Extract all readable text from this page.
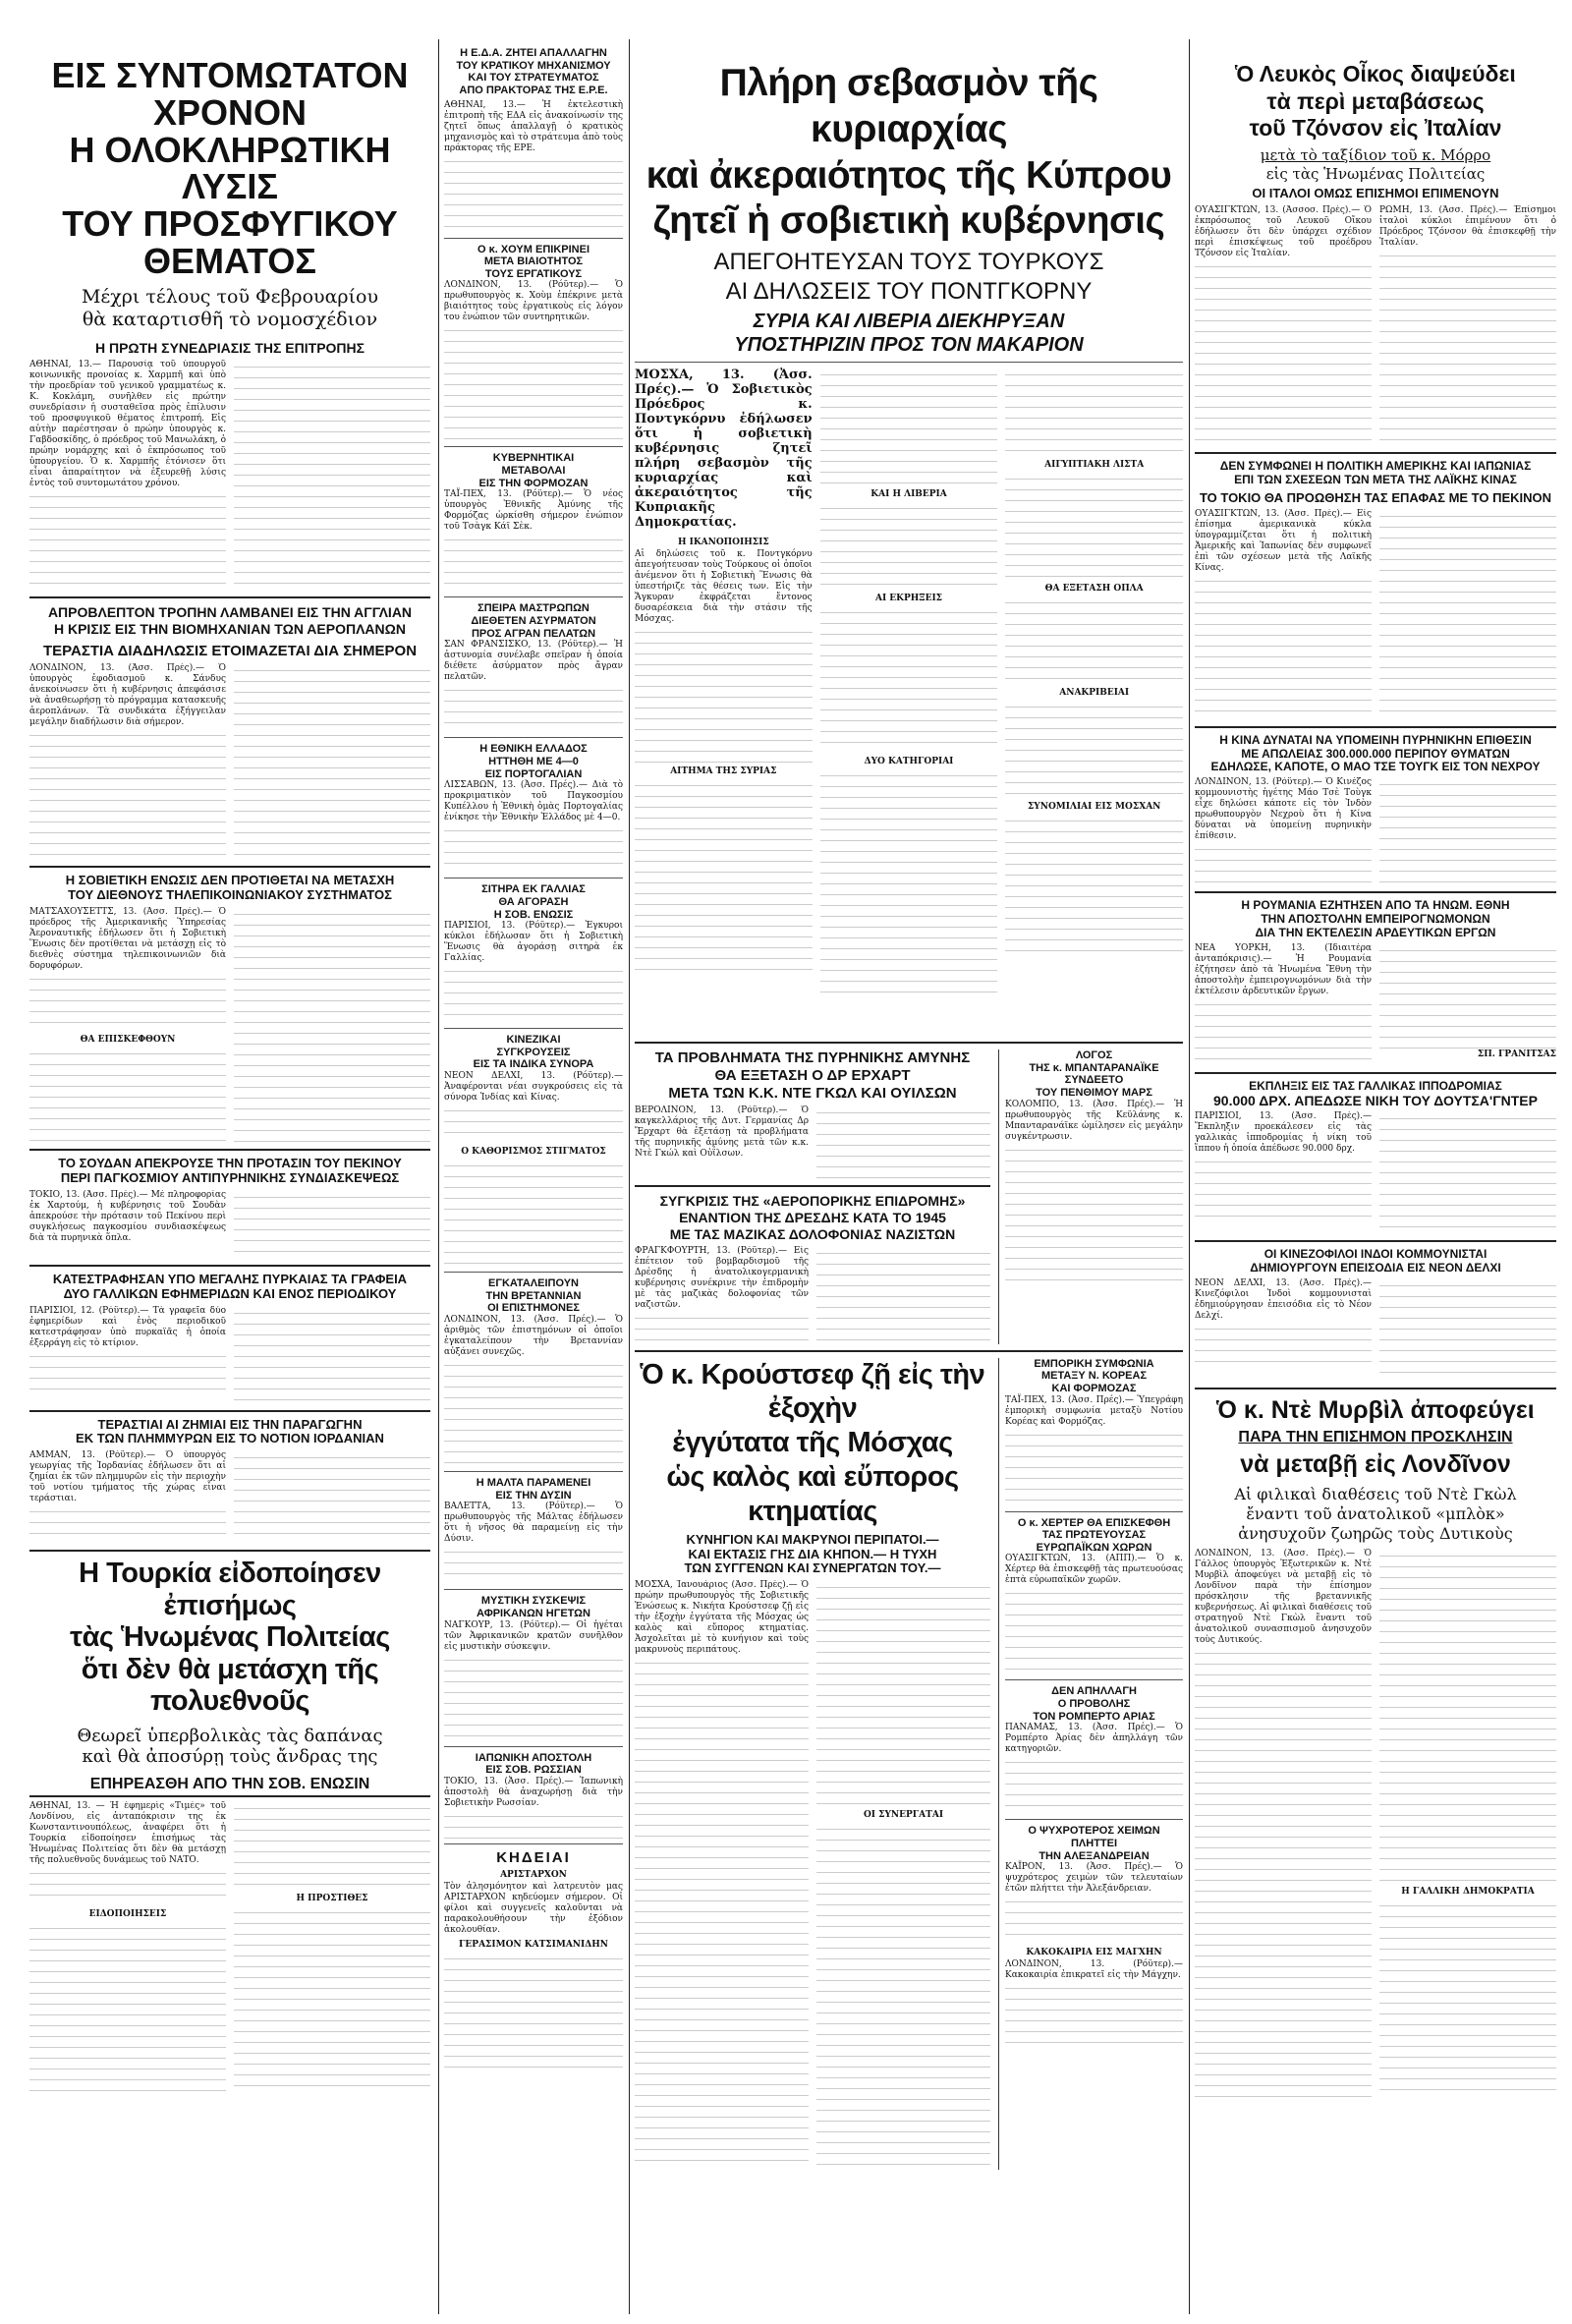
ΕΙΣ ΣΥΝΤΟΜΩΤΑΤΟΝ ΧΡΟΝΟΝ
Η ΟΛΟΚΛΗΡΩΤΙΚΗ ΛΥΣΙΣ
ΤΟΥ ΠΡΟΣΦΥΓΙΚΟΥ ΘΕΜΑΤΟΣ
Μέχρι τέλους τοῦ Φεβρουαρίου
θὰ καταρτισθῆ τὸ νομοσχέδιον
Η ΠΡΩΤΗ ΣΥΝΕΔΡΙΑΣΙΣ ΤΗΣ ΕΠΙΤΡΟΠΗΣ

ΑΘΗΝΑΙ, 13.— Παρουσίᾳ τοῦ ὑπουργοῦ κοινωνικῆς προνοίας κ. Χαρμπῆ καὶ ὑπὸ τὴν προεδρίαν τοῦ γενικοῦ γραμματέως κ. Κ. Κοκλάμη, συνῆλθεν εἰς πρώτην συνεδρίασιν ἡ συσταθεῖσα πρὸς ἐπίλυσιν τοῦ προσφυγικοῦ θέματος ἐπιτροπή. Εἰς αὐτὴν παρέστησαν ὁ πρώην ὑπουργὸς κ. Γαβδοσκίδης, ὁ πρόεδρος τοῦ Μανωλάκη, ὁ πρώην νομάρχης καὶ ὁ ἐκπρόσωπος τοῦ ὑπουργείου. Ὁ κ. Χαρμπῆς ἐτόνισεν ὅτι εἶναι ἀπαραίτητον νὰ ἐξευρεθῇ λύσις ἐντὸς τοῦ συντομωτάτου χρόνου.

ΑΠΡΟΒΛΕΠΤΟΝ ΤΡΟΠΗΝ ΛΑΜΒΑΝΕΙ ΕΙΣ ΤΗΝ ΑΓΓΛΙΑΝ
Η ΚΡΙΣΙΣ ΕΙΣ ΤΗΝ ΒΙΟΜΗΧΑΝΙΑΝ ΤΩΝ ΑΕΡΟΠΛΑΝΩΝ
ΤΕΡΑΣΤΙΑ ΔΙΑΔΗΛΩΣΙΣ ΕΤΟΙΜΑΖΕΤΑΙ ΔΙΑ ΣΗΜΕΡΟΝ

ΛΟΝΔΙΝΟΝ, 13. (Ἀσσ. Πρές).— Ὁ ὑπουργὸς ἐφοδιασμοῦ κ. Σάνδυς ἀνεκοίνωσεν ὅτι ἡ κυβέρνησις ἀπεφάσισε νὰ ἀναθεωρήσῃ τὸ πρόγραμμα κατασκευῆς ἀεροπλάνων. Τὰ συνδικάτα ἐξήγγειλαν μεγάλην διαδήλωσιν διὰ σήμερον.

Η ΣΟΒΙΕΤΙΚΗ ΕΝΩΣΙΣ ΔΕΝ ΠΡΟΤΙΘΕΤΑΙ ΝΑ ΜΕΤΑΣΧΗ
ΤΟΥ ΔΙΕΘΝΟΥΣ ΤΗΛΕΠΙΚΟΙΝΩΝΙΑΚΟΥ ΣΥΣΤΗΜΑΤΟΣ

ΜΑΤΣΑΧΟΥΣΕΤΤΣ, 13. (Ἀσσ. Πρὲς).— Ὁ πρόεδρος τῆς Ἀμερικανικῆς Ὑπηρεσίας Ἀεροναυτικῆς ἐδήλωσεν ὅτι ἡ Σοβιετικὴ Ἕνωσις δὲν προτίθεται νὰ μετάσχῃ εἰς τὸ διεθνὲς σύστημα τηλεπικοινωνιῶν διὰ δορυφόρων.

ΘΑ ΕΠΙΣΚΕΦΘΟΥΝ
ΤΟ ΣΟΥΔΑΝ ΑΠΕΚΡΟΥΣΕ ΤΗΝ ΠΡΟΤΑΣΙΝ ΤΟΥ ΠΕΚΙΝΟΥ
ΠΕΡΙ ΠΑΓΚΟΣΜΙΟΥ ΑΝΤΙΠΥΡΗΝΙΚΗΣ ΣΥΝΔΙΑΣΚΕΨΕΩΣ

ΤΟΚΙΟ, 13. (Ἀσσ. Πρές).— Μὲ πληροφορίας ἐκ Χαρτούμ, ἡ κυβέρνησις τοῦ Σουδὰν ἀπεκρούσε τὴν πρότασιν τοῦ Πεκίνου περὶ συγκλήσεως παγκοσμίου συνδιασκέψεως διὰ τὰ πυρηνικὰ ὅπλα.

ΚΑΤΕΣΤΡΑΦΗΣΑΝ ΥΠΟ ΜΕΓΑΛΗΣ ΠΥΡΚΑΙΑΣ ΤΑ ΓΡΑΦΕΙΑ
ΔΥΟ ΓΑΛΛΙΚΩΝ ΕΦΗΜΕΡΙΔΩΝ ΚΑΙ ΕΝΟΣ ΠΕΡΙΟΔΙΚΟΥ

ΠΑΡΙΣΙΟΙ, 12. (Ρόϋτερ).— Τὰ γραφεῖα δύο ἐφημερίδων καὶ ἑνὸς περιοδικοῦ κατεστράφησαν ὑπὸ πυρκαϊᾶς ἡ ὁποία ἐξερράγη εἰς τὸ κτίριον.

ΤΕΡΑΣΤΙΑΙ ΑΙ ΖΗΜΙΑΙ ΕΙΣ ΤΗΝ ΠΑΡΑΓΩΓΗΝ
ΕΚ ΤΩΝ ΠΛΗΜΜΥΡΩΝ ΕΙΣ ΤΟ ΝΟΤΙΟΝ ΙΟΡΔΑΝΙΑΝ

ΑΜΜΑΝ, 13. (Ρόϋτερ).— Ὁ ὑπουργὸς γεωργίας τῆς Ἰορδανίας ἐδήλωσεν ὅτι αἱ ζημίαι ἐκ τῶν πλημμυρῶν εἰς τὴν περιοχὴν τοῦ νοτίου τμήματος τῆς χώρας εἶναι τεράστιαι.

Η Τουρκία εἰδοποίησεν ἐπισήμως
τὰς Ἡνωμένας Πολιτείας
ὅτι δὲν θὰ μετάσχη τῆς πολυεθνοῦς
Θεωρεῖ ὑπερβολικὰς τὰς δαπάνας
καὶ θὰ ἀποσύρῃ τοὺς ἄνδρας της
ΕΠΗΡΕΑΣΘΗ ΑΠΟ ΤΗΝ ΣΟΒ. ΕΝΩΣΙΝ

ΑΘΗΝΑΙ, 13. — Ἡ ἐφημερὶς «Τιμὲς» τοῦ Λονδίνου, εἰς ἀνταπόκρισιν της ἐκ Κωνσταντινουπόλεως, ἀναφέρει ὅτι ἡ Τουρκία εἰδοποίησεν ἐπισήμως τὰς Ἡνωμένας Πολιτείας ὅτι δὲν θὰ μετάσχῃ τῆς πολυεθνοῦς δυνάμεως τοῦ ΝΑΤΟ.

ΕΙΔΟΠΟΙΗΣΕΙΣ
Η ΠΡΟΣΤΙΘΕΣ
Η Ε.Δ.Α. ΖΗΤΕΙ ΑΠΑΛΛΑΓΗΝ
ΤΟΥ ΚΡΑΤΙΚΟΥ ΜΗΧΑΝΙΣΜΟΥ
ΚΑΙ ΤΟΥ ΣΤΡΑΤΕΥΜΑΤΟΣ
ΑΠΟ ΠΡΑΚΤΟΡΑΣ ΤΗΣ Ε.Ρ.Ε.

ΑΘΗΝΑΙ, 13.— Ἡ ἐκτελεστικὴ ἐπιτροπὴ τῆς ΕΔΑ εἰς ἀνακοίνωσίν της ζητεῖ ὅπως ἀπαλλαγῇ ὁ κρατικὸς μηχανισμὸς καὶ τὸ στράτευμα ἀπὸ τοὺς πράκτορας τῆς ΕΡΕ.

Ο κ. ΧΟΥΜ ΕΠΙΚΡΙΝΕΙ
ΜΕΤΑ ΒΙΑΙΟΤΗΤΟΣ
ΤΟΥΣ ΕΡΓΑΤΙΚΟΥΣ

ΛΟΝΔΙΝΟΝ, 13. (Ρόϋτερ).— Ὁ πρωθυπουργὸς κ. Χοὺμ ἐπέκρινε μετὰ βιαιότητος τοὺς ἐργατικοὺς εἰς λόγον του ἐνώπιον τῶν συντηρητικῶν.

ΚΥΒΕΡΝΗΤΙΚΑΙ
ΜΕΤΑΒΟΛΑΙ
ΕΙΣ ΤΗΝ ΦΟΡΜΟΖΑΝ

ΤΑΪ-ΠΕΧ, 13. (Ρόϋτερ).— Ὁ νέος ὑπουργὸς Ἐθνικῆς Ἀμύνης τῆς Φορμόζας ὡρκίσθη σήμερον ἐνώπιον τοῦ Τσὰγκ Κάϊ Σὲκ.

ΣΠΕΙΡΑ ΜΑΣΤΡΩΠΩΝ
ΔΙΕΘΕΤΕΝ ΑΣΥΡΜΑΤΟΝ
ΠΡΟΣ ΑΓΡΑΝ ΠΕΛΑΤΩΝ

ΣΑΝ ΦΡΑΝΣΙΣΚΟ, 13. (Ρόϋτερ).— Ἡ ἀστυνομία συνέλαβε σπεῖραν ἡ ὁποία διέθετε ἀσύρματον πρὸς ἄγραν πελατῶν.

Η ΕΘΝΙΚΗ ΕΛΛΑΔΟΣ
ΗΤΤΗΘΗ ΜΕ 4—0
ΕΙΣ ΠΟΡΤΟΓΑΛΙΑΝ

ΛΙΣΣΑΒΩΝ, 13. (Ἀσσ. Πρές).— Διὰ τὸ προκριματικὸν τοῦ Παγκοσμίου Κυπέλλου ἡ Ἐθνικὴ ὁμὰς Πορτογαλίας ἐνίκησε τὴν Ἐθνικὴν Ἑλλάδος μὲ 4—0.

ΣΙΤΗΡΑ ΕΚ ΓΑΛΛΙΑΣ
ΘΑ ΑΓΟΡΑΣΗ
Η ΣΟΒ. ΕΝΩΣΙΣ

ΠΑΡΙΣΙΟΙ, 13. (Ρόϋτερ).— Ἐγκυροι κύκλοι ἐδήλωσαν ὅτι ἡ Σοβιετικὴ Ἕνωσις θὰ ἀγοράσῃ σιτηρὰ ἐκ Γαλλίας.

ΚΙΝΕΖΙΚΑΙ
ΣΥΓΚΡΟΥΣΕΙΣ
ΕΙΣ ΤΑ ΙΝΔΙΚΑ ΣΥΝΟΡΑ

ΝΕΟΝ ΔΕΛΧΙ, 13. (Ρόϋτερ).— Ἀναφέρονται νέαι συγκρούσεις εἰς τὰ σύνορα Ἰνδίας καὶ Κίνας.

Ο ΚΑΘΟΡΙΣΜΟΣ ΣΤΙΓΜΑΤΟΣ
ΕΓΚΑΤΑΛΕΙΠΟΥΝ
ΤΗΝ ΒΡΕΤΑΝΝΙΑΝ
ΟΙ ΕΠΙΣΤΗΜΟΝΕΣ

ΛΟΝΔΙΝΟΝ, 13. (Ἀσσ. Πρές).— Ὁ ἀριθμὸς τῶν ἐπιστημόνων οἱ ὁποῖοι ἐγκαταλείπουν τὴν Βρεταννίαν αὐξάνει συνεχῶς.

Η ΜΑΛΤΑ ΠΑΡΑΜΕΝΕΙ
ΕΙΣ ΤΗΝ ΔΥΣΙΝ

ΒΑΛΕΤΤΑ, 13. (Ρόϋτερ).— Ὁ πρωθυπουργὸς τῆς Μάλτας ἐδήλωσεν ὅτι ἡ νῆσος θὰ παραμείνῃ εἰς τὴν Δύσιν.

ΜΥΣΤΙΚΗ ΣΥΣΚΕΨΙΣ
ΑΦΡΙΚΑΝΩΝ ΗΓΕΤΩΝ

ΝΑΓΚΟΥΡ, 13. (Ρόϋτερ).— Οἱ ἡγέται τῶν Ἀφρικανικῶν κρατῶν συνῆλθον εἰς μυστικὴν σύσκεψιν.

ΙΑΠΩΝΙΚΗ ΑΠΟΣΤΟΛΗ
ΕΙΣ ΣΟΒ. ΡΩΣΣΙΑΝ

ΤΟΚΙΟ, 13. (Ἀσσ. Πρές).— Ἰαπωνικὴ ἀποστολὴ θὰ ἀναχωρήσῃ διὰ τὴν Σοβιετικὴν Ρωσσίαν.

ΚΗΔΕΙΑΙ
ΑΡΙΣΤΑΡΧΟΝ

Τὸν ἀλησμόνητον καὶ λατρευτὸν μας ΑΡΙΣΤΑΡΧΟΝ κηδεύομεν σήμερον. Οἱ φίλοι καὶ συγγενεῖς καλοῦνται νὰ παρακολουθήσουν τὴν ἐξόδιον ἀκολουθίαν.

ΓΕΡΑΣΙΜΟΝ ΚΑΤΣΙΜΑΝΙΔΗΝ
Πλήρη σεβασμὸν τῆς κυριαρχίας
καὶ ἀκεραιότητος τῆς Κύπρου
ζητεῖ ἡ σοβιετικὴ κυβέρνησις
ΑΠΕΓΟΗΤΕΥΣΑΝ ΤΟΥΣ ΤΟΥΡΚΟΥΣ
ΑΙ ΔΗΛΩΣΕΙΣ ΤΟΥ ΠΟΝΤΓΚΟΡΝΥ
ΣΥΡΙΑ ΚΑΙ ΛΙΒΕΡΙΑ ΔΙΕΚΗΡΥΞΑΝ
ΥΠΟΣΤΗΡΙΖΙΝ ΠΡΟΣ ΤΟΝ ΜΑΚΑΡΙΟΝ

ΜΟΣΧΑ, 13. (Ἀσσ. Πρές).— Ὁ Σοβιετικὸς Πρόεδρος κ. Ποντγκόρνυ ἐδήλωσεν ὅτι ἡ σοβιετικὴ κυβέρνησις ζητεῖ πλήρη σεβασμὸν τῆς κυριαρχίας καὶ ἀκεραιότητος τῆς Κυπριακῆς Δημοκρατίας.

Η ΙΚΑΝΟΠΟΙΗΣΙΣ

Αἱ δηλώσεις τοῦ κ. Ποντγκόρνυ ἀπεγοήτευσαν τοὺς Τούρκους οἱ ὁποῖοι ἀνέμενον ὅτι ἡ Σοβιετικὴ Ἕνωσις θὰ ὑπεστήριζε τὰς θέσεις των. Εἰς τὴν Ἄγκυραν ἐκφράζεται ἔντονος δυσαρέσκεια διὰ τὴν στάσιν τῆς Μόσχας.

ΑΙΤΗΜΑ ΤΗΣ ΣΥΡΙΑΣ
ΚΑΙ Η ΛΙΒΕΡΙΑ
ΑΙ ΕΚΡΗΞΕΙΣ
ΔΥΟ ΚΑΤΗΓΟΡΙΑΙ
ΑΙΓΥΠΤΙΑΚΗ ΛΙΣΤΑ
ΘΑ ΕΞΕΤΑΣΗ ΟΠΛΑ
ΑΝΑΚΡΙΒΕΙΑΙ
ΣΥΝΟΜΙΛΙΑΙ ΕΙΣ ΜΟΣΧΑΝ
ΤΑ ΠΡΟΒΛΗΜΑΤΑ ΤΗΣ ΠΥΡΗΝΙΚΗΣ ΑΜΥΝΗΣ
ΘΑ ΕΞΕΤΑΣΗ Ο ΔΡ ΕΡΧΑΡΤ
ΜΕΤΑ ΤΩΝ Κ.Κ. ΝΤΕ ΓΚΩΛ ΚΑΙ ΟΥΙΛΣΩΝ

ΒΕΡΟΛΙΝΟΝ, 13. (Ρόϋτερ).— Ὁ καγκελλάριος τῆς Δυτ. Γερμανίας Δρ Ἔρχαρτ θὰ ἐξετάσῃ τὰ προβλήματα τῆς πυρηνικῆς ἀμύνης μετὰ τῶν κ.κ. Ντὲ Γκώλ καὶ Οὐΐλσων.

ΣΥΓΚΡΙΣΙΣ ΤΗΣ «ΑΕΡΟΠΟΡΙΚΗΣ ΕΠΙΔΡΟΜΗΣ»
ΕΝΑΝΤΙΟΝ ΤΗΣ ΔΡΕΣΔΗΣ ΚΑΤΑ ΤΟ 1945
ΜΕ ΤΑΣ ΜΑΖΙΚΑΣ ΔΟΛΟΦΟΝΙΑΣ ΝΑΖΙΣΤΩΝ

ΦΡΑΓΚΦΟΥΡΤΗ, 13. (Ρόϋτερ).— Εἰς ἐπέτειον τοῦ βομβαρδισμοῦ τῆς Δρέσδης ἡ ἀνατολικογερμανικὴ κυβέρνησις συνέκρινε τὴν ἐπιδρομὴν μὲ τὰς μαζικὰς δολοφονίας τῶν ναζιστῶν.

ΛΟΓΟΣ
ΤΗΣ κ. ΜΠΑΝΤΑΡΑΝΑΪΚΕ
ΣΥΝΔΕΕΤΟ
ΤΟΥ ΠΕΝΘΙΜΟΥ ΜΑΡΣ

ΚΟΛΟΜΠΟ, 13. (Ἀσσ. Πρές).— Ἡ πρωθυπουργὸς τῆς Κεϋλάνης κ. Μπανταρανάϊκε ὡμίλησεν εἰς μεγάλην συγκέντρωσιν.

Ὁ κ. Κρούστσεφ ζῇ εἰς τὴν ἐξοχὴν
ἐγγύτατα τῆς Μόσχας
ὡς καλὸς καὶ εὔπορος κτηματίας
ΚΥΝΗΓΙΟΝ ΚΑΙ ΜΑΚΡΥΝΟΙ ΠΕΡΙΠΑΤΟΙ.—
ΚΑΙ ΕΚΤΑΣΙΣ ΓΗΣ ΔΙΑ ΚΗΠΟΝ.— Η ΤΥΧΗ
ΤΩΝ ΣΥΓΓΕΝΩΝ ΚΑΙ ΣΥΝΕΡΓΑΤΩΝ ΤΟΥ.—

ΜΟΣΧΑ, Ἰανουάριος (Ἀσσ. Πρές).— Ὁ πρώην πρωθυπουργὸς τῆς Σοβιετικῆς Ἑνώσεως κ. Νικήτα Κρούστσεφ ζῇ εἰς τὴν ἐξοχὴν ἐγγύτατα τῆς Μόσχας ὡς καλὸς καὶ εὔπορος κτηματίας. Ἀσχολεῖται μὲ τὸ κυνήγιον καὶ τοὺς μακρυνοὺς περιπάτους.

ΟΙ ΣΥΝΕΡΓΑΤΑΙ
ΕΜΠΟΡΙΚΗ ΣΥΜΦΩΝΙΑ
ΜΕΤΑΞΥ Ν. ΚΟΡΕΑΣ
ΚΑΙ ΦΟΡΜΟΖΑΣ

ΤΑΪ-ΠΕΧ, 13. (Ἀσσ. Πρές).— Ὑπεγράφη ἐμπορικὴ συμφωνία μεταξὺ Νοτίου Κορέας καὶ Φορμόζας.

Ο κ. ΧΕΡΤΕΡ ΘΑ ΕΠΙΣΚΕΦΘΗ
ΤΑΣ ΠΡΩΤΕΥΟΥΣΑΣ
ΕΥΡΩΠΑΪΚΩΝ ΧΩΡΩΝ

ΟΥΑΣΙΓΚΤΩΝ, 13. (ΑΠΠ).— Ὁ κ. Χέρτερ θὰ ἐπισκεφθῇ τὰς πρωτευούσας ἑπτὰ εὐρωπαϊκῶν χωρῶν.

ΔΕΝ ΑΠΗΛΛΑΓΗ
Ο ΠΡΟΒΟΛΗΣ
ΤΟΝ ΡΟΜΠΕΡΤΟ ΑΡΙΑΣ

ΠΑΝΑΜΑΣ, 13. (Ἀσσ. Πρές).— Ὁ Ρομπέρτο Ἀρίας δὲν ἀπηλλάγη τῶν κατηγοριῶν.

Ο ΨΥΧΡΟΤΕΡΟΣ ΧΕΙΜΩΝ
ΠΛΗΤΤΕΙ
ΤΗΝ ΑΛΕΞΑΝΔΡΕΙΑΝ

ΚΑΪΡΟΝ, 13. (Ἀσσ. Πρές).— Ὁ ψυχρότερος χειμὼν τῶν τελευταίων ἐτῶν πλήττει τὴν Ἀλεξάνδρειαν.

ΚΑΚΟΚΑΙΡΙΑ ΕΙΣ ΜΑΓΧΗΝ

ΛΟΝΔΙΝΟΝ, 13. (Ρόϋτερ).— Κακοκαιρία ἐπικρατεῖ εἰς τὴν Μάγχην.

Ὁ Λευκὸς Οἶκος διαψεύδει
τὰ περὶ μεταβάσεως
τοῦ Τζόνσον εἰς Ἰταλίαν
μετὰ τὸ ταξίδιον τοῦ κ. Μόρρο
εἰς τὰς Ἡνωμένας Πολιτείας
ΟΙ ΙΤΑΛΟΙ ΟΜΩΣ ΕΠΙΣΗΜΟΙ ΕΠΙΜΕΝΟΥΝ

ΟΥΑΣΙΓΚΤΩΝ, 13. (Ἀσσοσ. Πρές).— Ὁ ἐκπρόσωπος τοῦ Λευκοῦ Οἴκου ἐδήλωσεν ὅτι δὲν ὑπάρχει σχέδιον περὶ ἐπισκέψεως τοῦ προέδρου Τζόνσον εἰς Ἰταλίαν.

ΡΩΜΗ, 13. (Ἀσσ. Πρές).— Ἐπίσημοι ἰταλοὶ κύκλοι ἐπιμένουν ὅτι ὁ Πρόεδρος Τζόνσον θὰ ἐπισκεφθῇ τὴν Ἰταλίαν.

ΔΕΝ ΣΥΜΦΩΝΕΙ Η ΠΟΛΙΤΙΚΗ ΑΜΕΡΙΚΗΣ ΚΑΙ ΙΑΠΩΝΙΑΣ
ΕΠΙ ΤΩΝ ΣΧΕΣΕΩΝ ΤΩΝ ΜΕΤΑ ΤΗΣ ΛΑΪΚΗΣ ΚΙΝΑΣ
ΤΟ ΤΟΚΙΟ ΘΑ ΠΡΟΩΘΗΣΗ ΤΑΣ ΕΠΑΦΑΣ ΜΕ ΤΟ ΠΕΚΙΝΟΝ

ΟΥΑΣΙΓΚΤΩΝ, 13. (Ἀσσ. Πρές).— Εἰς ἐπίσημα ἀμερικανικὰ κύκλα ὑπογραμμίζεται ὅτι ἡ πολιτικὴ Ἀμερικῆς καὶ Ἰαπωνίας δὲν συμφωνεῖ ἐπὶ τῶν σχέσεων μετὰ τῆς Λαϊκῆς Κίνας.

Η ΚΙΝΑ ΔΥΝΑΤΑΙ ΝΑ ΥΠΟΜΕΙΝΗ ΠΥΡΗΝΙΚΗΝ ΕΠΙΘΕΣΙΝ
ΜΕ ΑΠΩΛΕΙΑΣ 300.000.000 ΠΕΡΙΠΟΥ ΘΥΜΑΤΩΝ
ΕΔΗΛΩΣΕ, ΚΑΠΟΤΕ, Ο ΜΑΟ ΤΣΕ ΤΟΥΓΚ ΕΙΣ ΤΟΝ ΝΕΧΡΟΥ

ΛΟΝΔΙΝΟΝ, 13. (Ρόϋτερ).— Ὁ Κινέζος κομμουνιστὴς ἡγέτης Μάο Τσὲ Τοὺγκ εἶχε δηλώσει κάποτε εἰς τὸν Ἰνδὸν πρωθυπουργὸν Νεχροὺ ὅτι ἡ Κίνα δύναται νὰ ὑπομείνῃ πυρηνικὴν ἐπίθεσιν.

Η ΡΟΥΜΑΝΙΑ ΕΖΗΤΗΣΕΝ ΑΠΟ ΤΑ ΗΝΩΜ. ΕΘΝΗ
ΤΗΝ ΑΠΟΣΤΟΛΗΝ ΕΜΠΕΙΡΟΓΝΩΜΟΝΩΝ
ΔΙΑ ΤΗΝ ΕΚΤΕΛΕΣΙΝ ΑΡΔΕΥΤΙΚΩΝ ΕΡΓΩΝ

ΝΕΑ ΥΟΡΚΗ, 13. (Ἰδιαιτέρα ἀνταπόκρισις).— Ἡ Ρουμανία ἐζήτησεν ἀπὸ τὰ Ἡνωμένα Ἔθνη τὴν ἀποστολὴν ἐμπειρογνωμόνων διὰ τὴν ἐκτέλεσιν ἀρδευτικῶν ἔργων.

ΣΠ. ΓΡΑΝΙΤΣΑΣ
ΕΚΠΛΗΞΙΣ ΕΙΣ ΤΑΣ ΓΑΛΛΙΚΑΣ ΙΠΠΟΔΡΟΜΙΑΣ
90.000 ΔΡΧ. ΑΠΕΔΩΣΕ ΝΙΚΗ ΤΟΥ ΔΟΥΤΣΑ'ΓΝΤΕΡ

ΠΑΡΙΣΙΟΙ, 13. (Ἀσσ. Πρές).— Ἔκπληξιν προεκάλεσεν εἰς τὰς γαλλικὰς ἱπποδρομίας ἡ νίκη τοῦ ἵππου ἡ ὁποία ἀπέδωσε 90.000 δρχ.

ΟΙ ΚΙΝΕΖΟΦΙΛΟΙ ΙΝΔΟΙ ΚΟΜΜΟΥΝΙΣΤΑΙ
ΔΗΜΙΟΥΡΓΟΥΝ ΕΠΕΙΣΟΔΙΑ ΕΙΣ ΝΕΟΝ ΔΕΛΧΙ

ΝΕΟΝ ΔΕΛΧΙ, 13. (Ἀσσ. Πρές).— Κινεζόφιλοι Ἰνδοὶ κομμουνισταὶ ἐδημιούργησαν ἐπεισόδια εἰς τὸ Νέον Δελχί.

Ὁ κ. Ντὲ Μυρβὶλ ἀποφεύγει
ΠΑΡΑ ΤΗΝ ΕΠΙΣΗΜΟΝ ΠΡΟΣΚΛΗΣΙΝ
νὰ μεταβῇ εἰς Λονδῖνον
Αἱ φιλικαὶ διαθέσεις τοῦ Ντὲ Γκὼλ
ἔναντι τοῦ ἀνατολικοῦ «μπλὸκ»
ἀνησυχοῦν ζωηρῶς τοὺς Δυτικοὺς

ΛΟΝΔΙΝΟΝ, 13. (Ἀσσ. Πρές).— Ὁ Γάλλος ὑπουργὸς Ἐξωτερικῶν κ. Ντὲ Μυρβὶλ ἀποφεύγει νὰ μεταβῇ εἰς τὸ Λονδῖνον παρὰ τὴν ἐπίσημον πρόσκλησιν τῆς βρεταννικῆς κυβερνήσεως. Αἱ φιλικαὶ διαθέσεις τοῦ στρατηγοῦ Ντὲ Γκὼλ ἔναντι τοῦ ἀνατολικοῦ συνασπισμοῦ ἀνησυχοῦν τοὺς Δυτικούς.

Η ΓΑΛΛΙΚΗ ΔΗΜΟΚΡΑΤΙΑ
